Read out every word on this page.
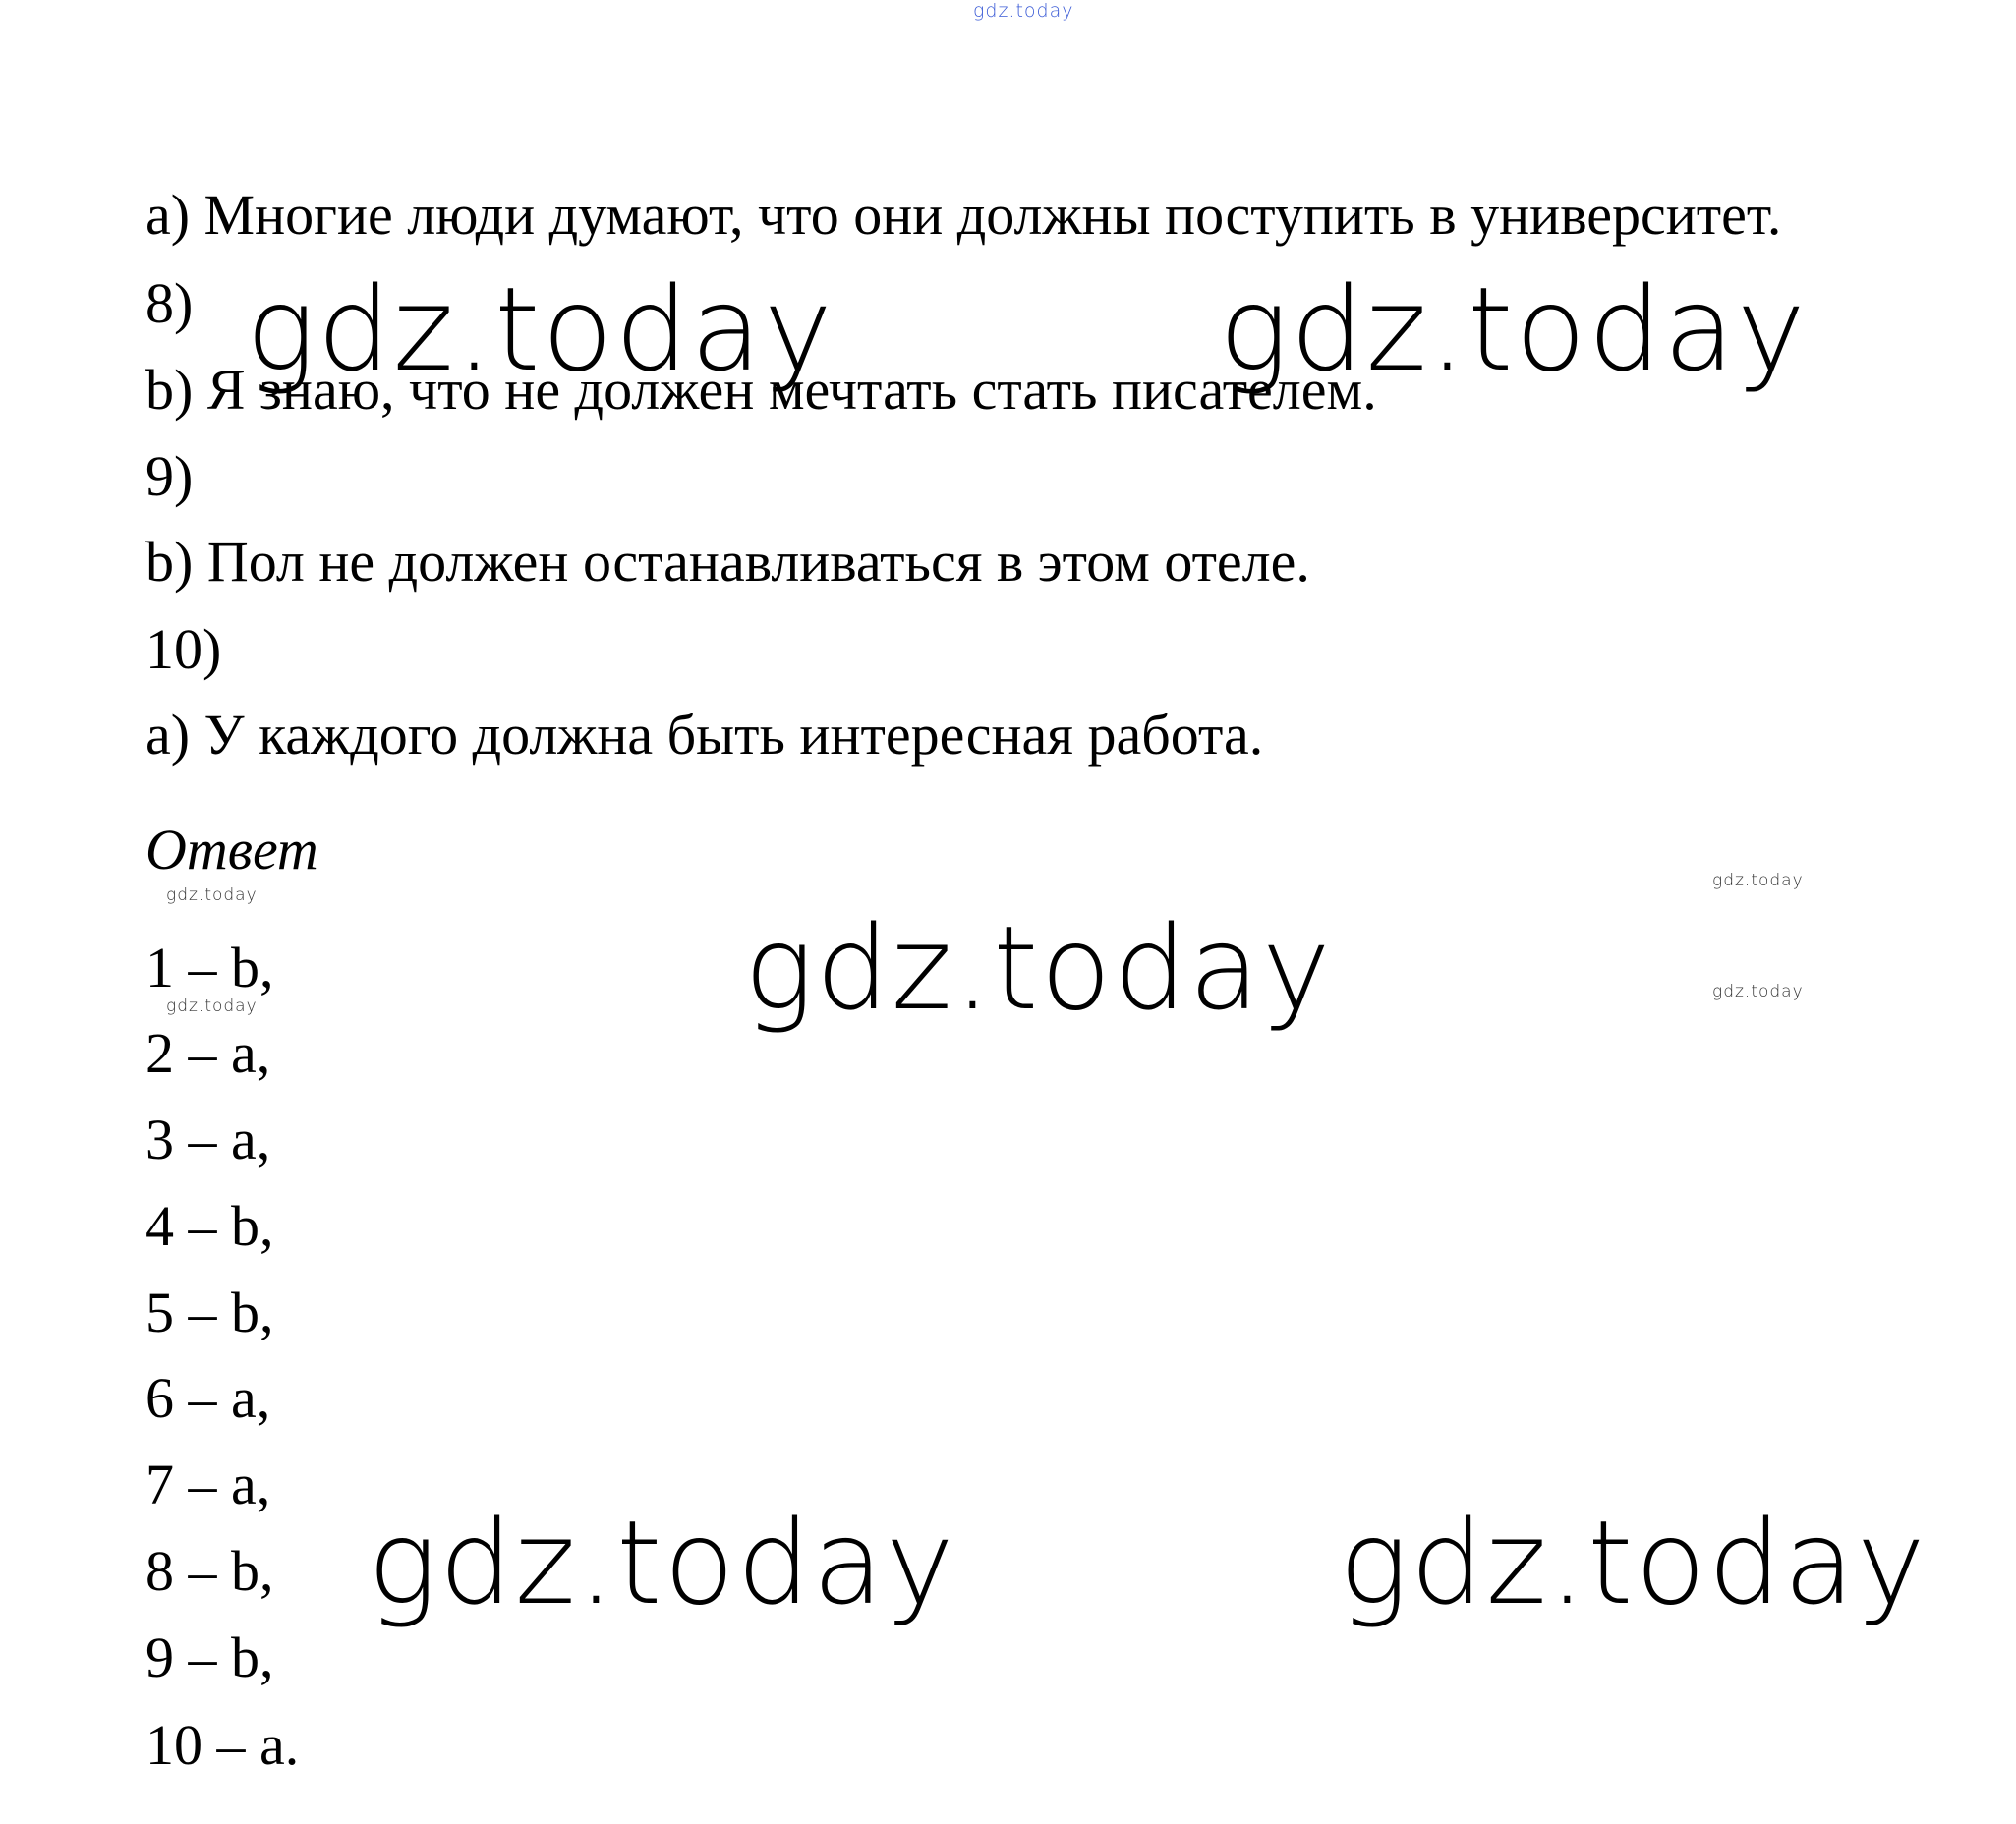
gdz.today
a) Многие люди думают, что они должны поступить в университет.
8)
b) Я знаю, что не должен мечтать стать писателем.
9)
b) Пол не должен останавливаться в этом отеле.
10)
a) У каждого должна быть интересная работа.
Ответ
1 – b,
2 – a,
3 – a,
4 – b,
5 – b,
6 – a,
7 – a,
8 – b,
9 – b,
10 – a.
gdz.today	gdz.today
gdz.today
gdz.today	gdz.today
gdz.today
gdz.today
gdz.today
gdz.today
